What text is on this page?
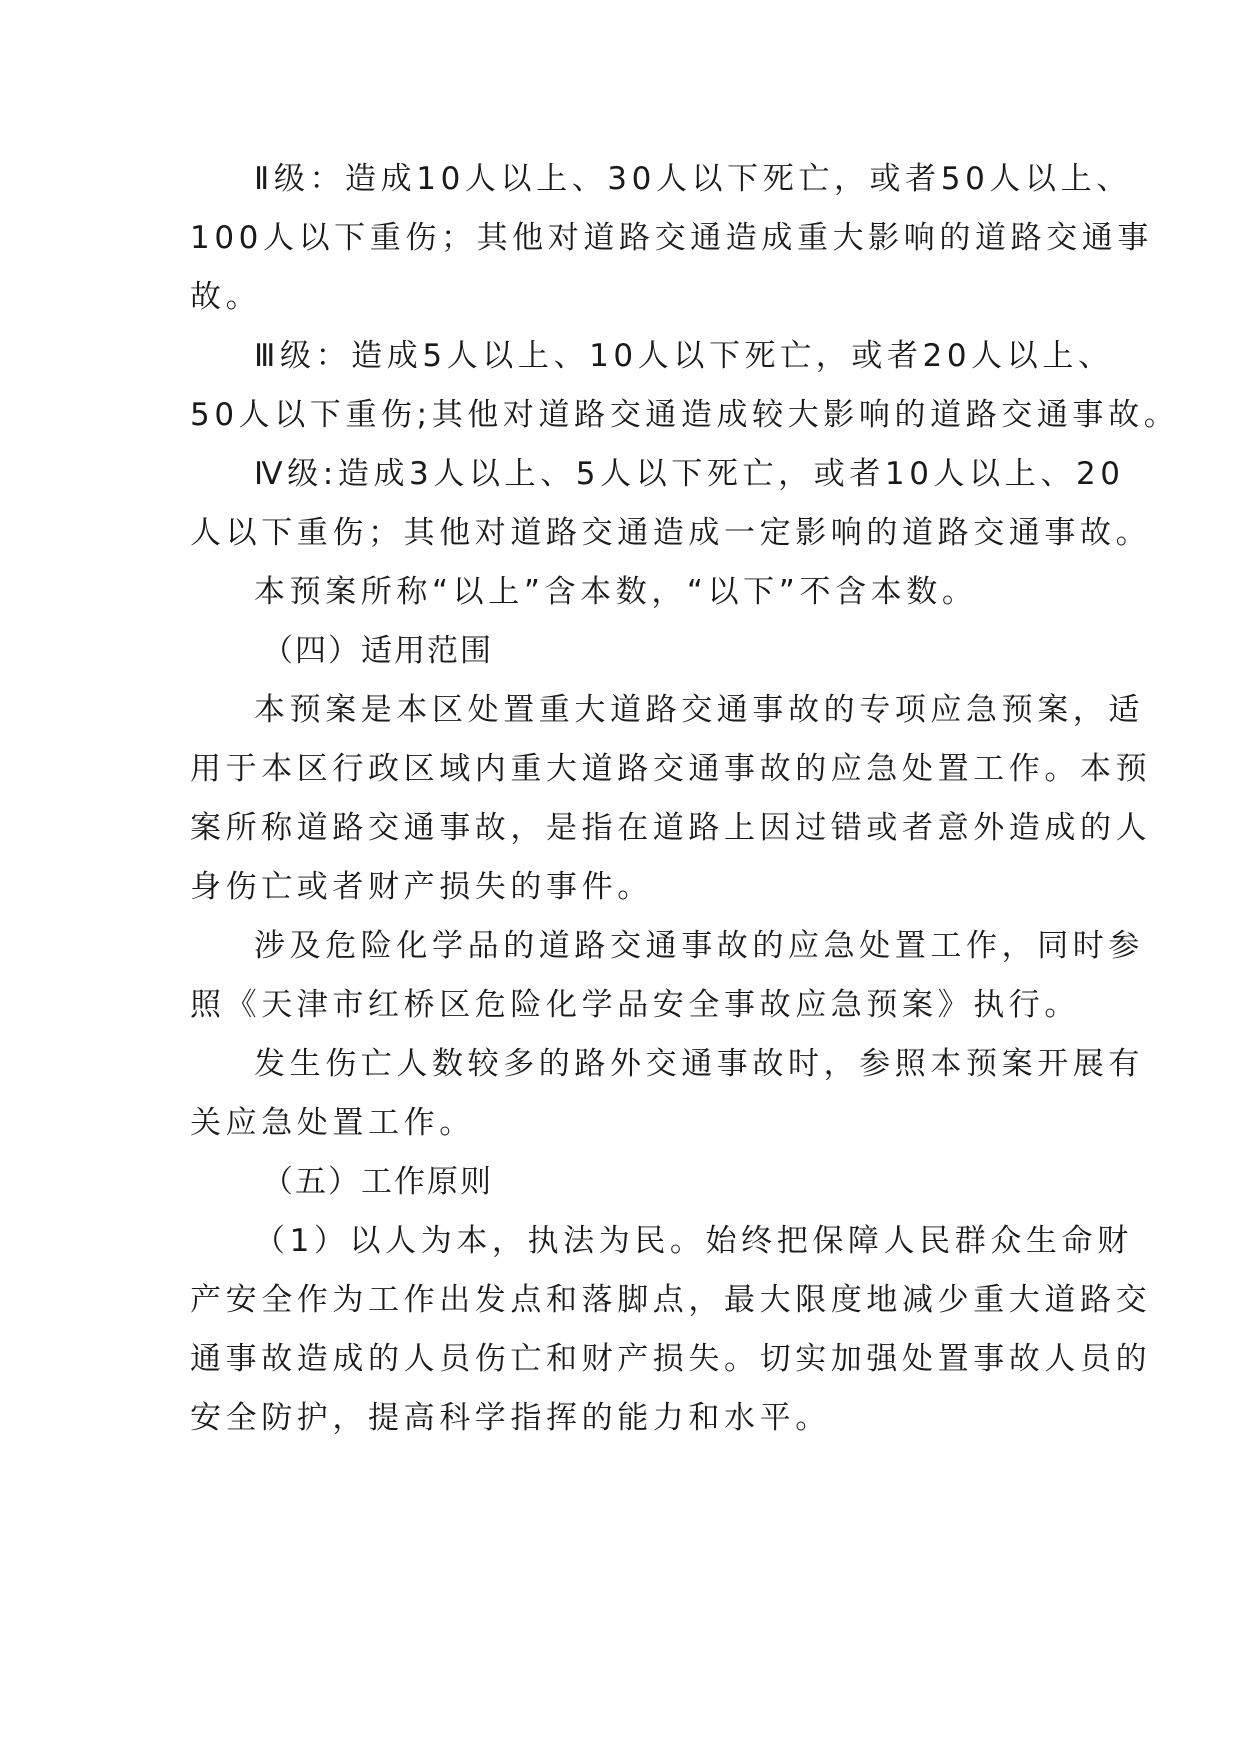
Ⅱ级：造成10人以上、30人以下死亡，或者50人以上、
100人以下重伤；其他对道路交通造成重大影响的道路交通事
故。
Ⅲ级：造成5人以上、10人以下死亡，或者20人以上、
50人以下重伤;其他对道路交通造成较大影响的道路交通事故。
Ⅳ级:造成3人以上、5人以下死亡，或者10人以上、20
人以下重伤；其他对道路交通造成一定影响的道路交通事故。
本预案所称“以上”含本数，“以下”不含本数。
（四）适用范围
本预案是本区处置重大道路交通事故的专项应急预案，适
用于本区行政区域内重大道路交通事故的应急处置工作。本预
案所称道路交通事故，是指在道路上因过错或者意外造成的人
身伤亡或者财产损失的事件。
涉及危险化学品的道路交通事故的应急处置工作，同时参
照《天津市红桥区危险化学品安全事故应急预案》执行。
发生伤亡人数较多的路外交通事故时，参照本预案开展有
关应急处置工作。
（五）工作原则
（1）以人为本，执法为民。始终把保障人民群众生命财
产安全作为工作出发点和落脚点，最大限度地减少重大道路交
通事故造成的人员伤亡和财产损失。切实加强处置事故人员的
安全防护，提高科学指挥的能力和水平。
